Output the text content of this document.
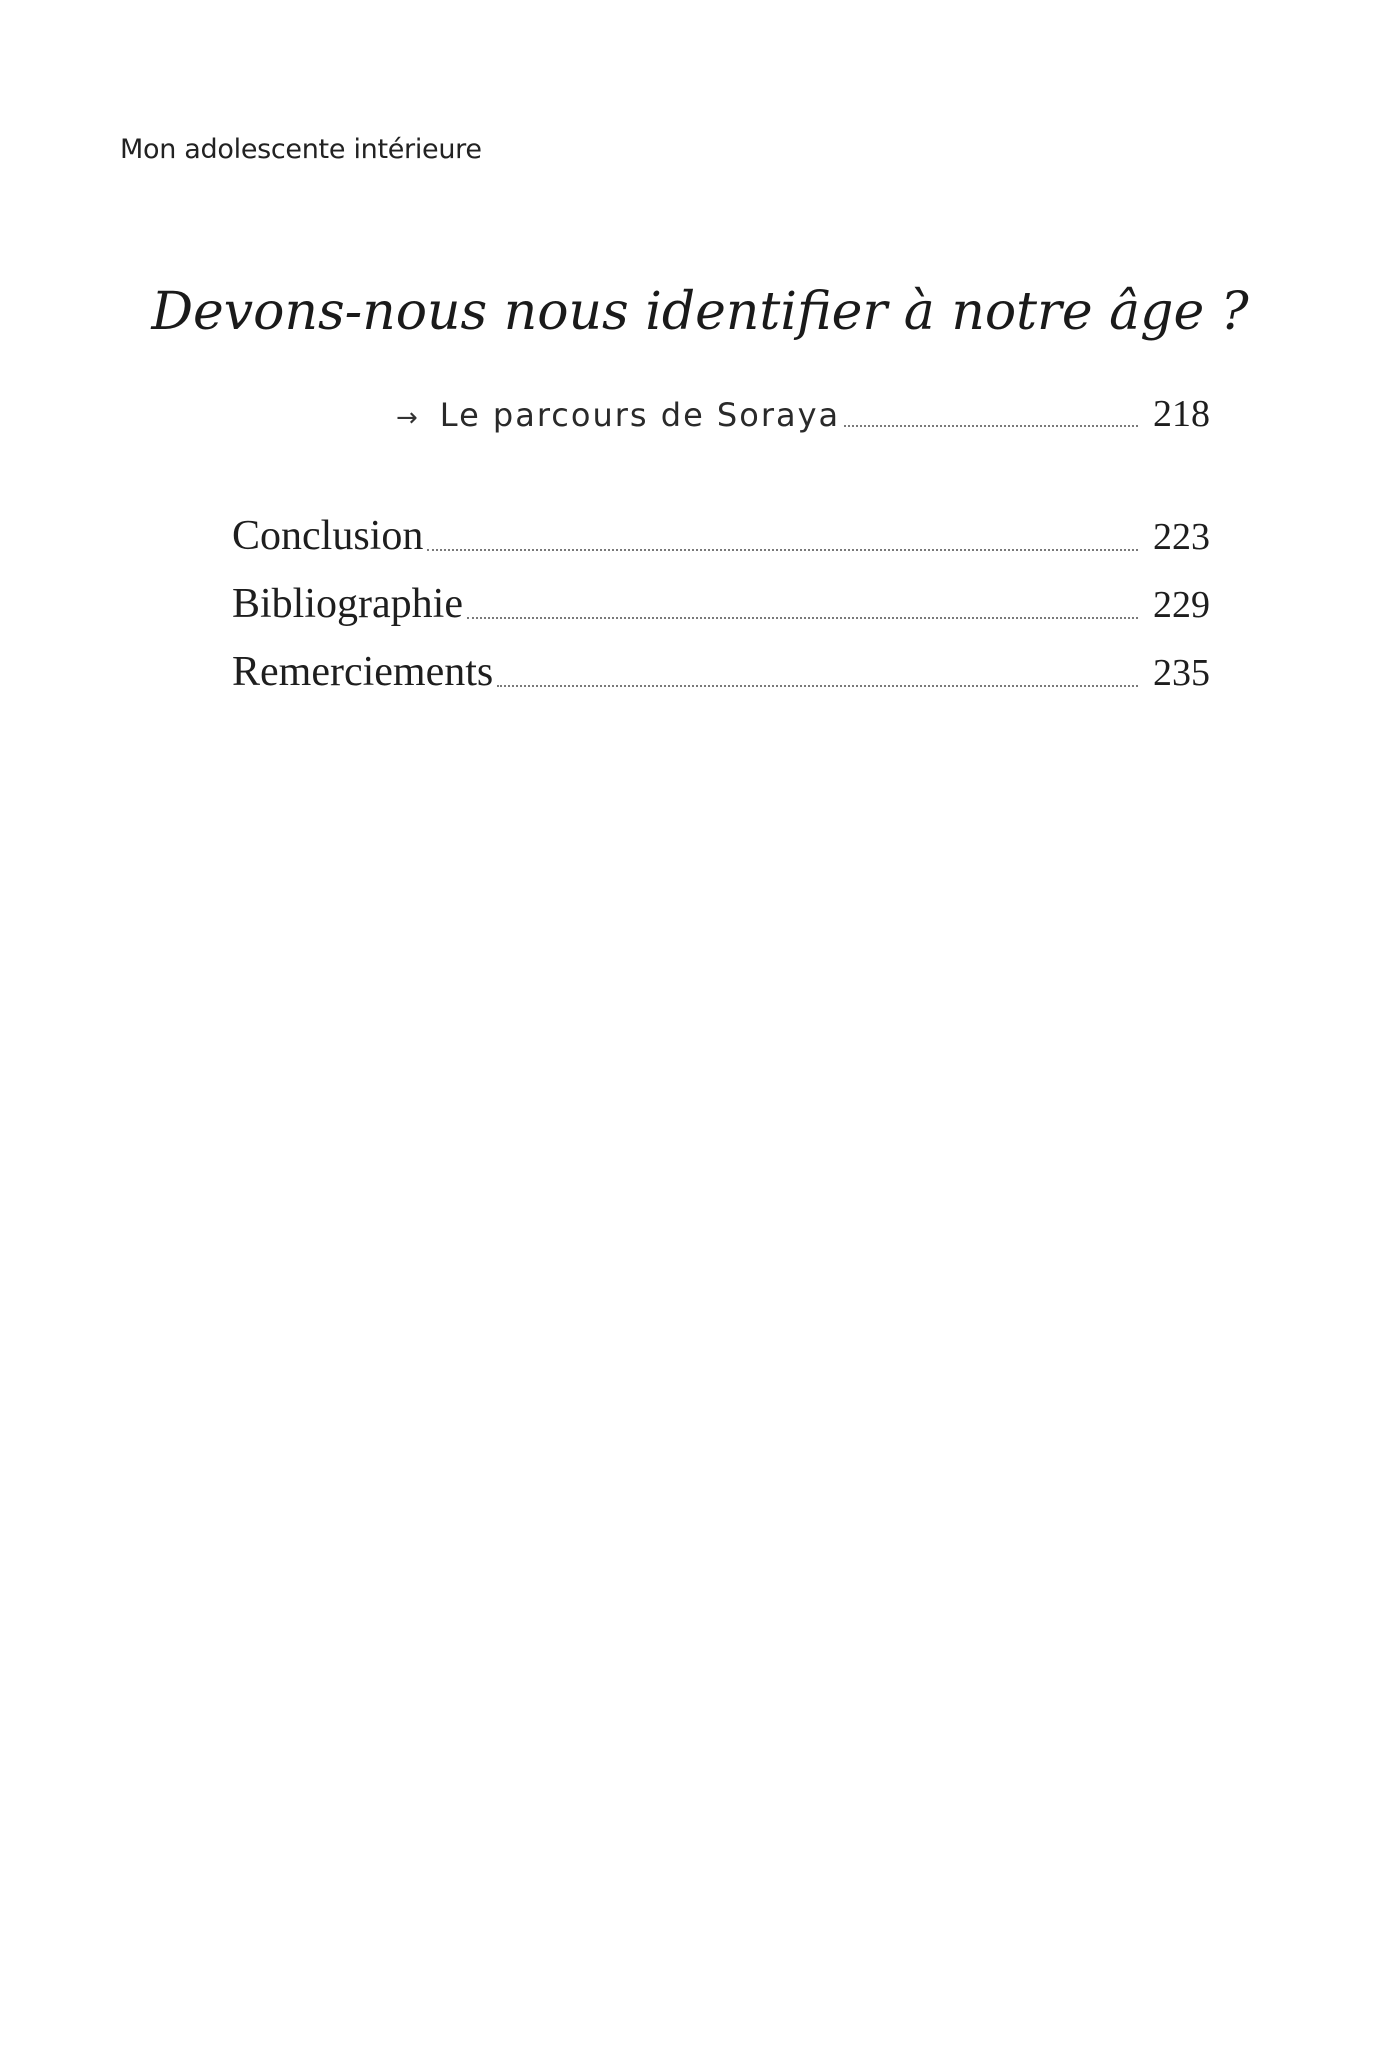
Mon adolescente intérieure
Devons-nous nous identifier à notre âge ?
→ Le parcours de Soraya	218
Conclusion	223
Bibliographie	229
Remerciements	235
